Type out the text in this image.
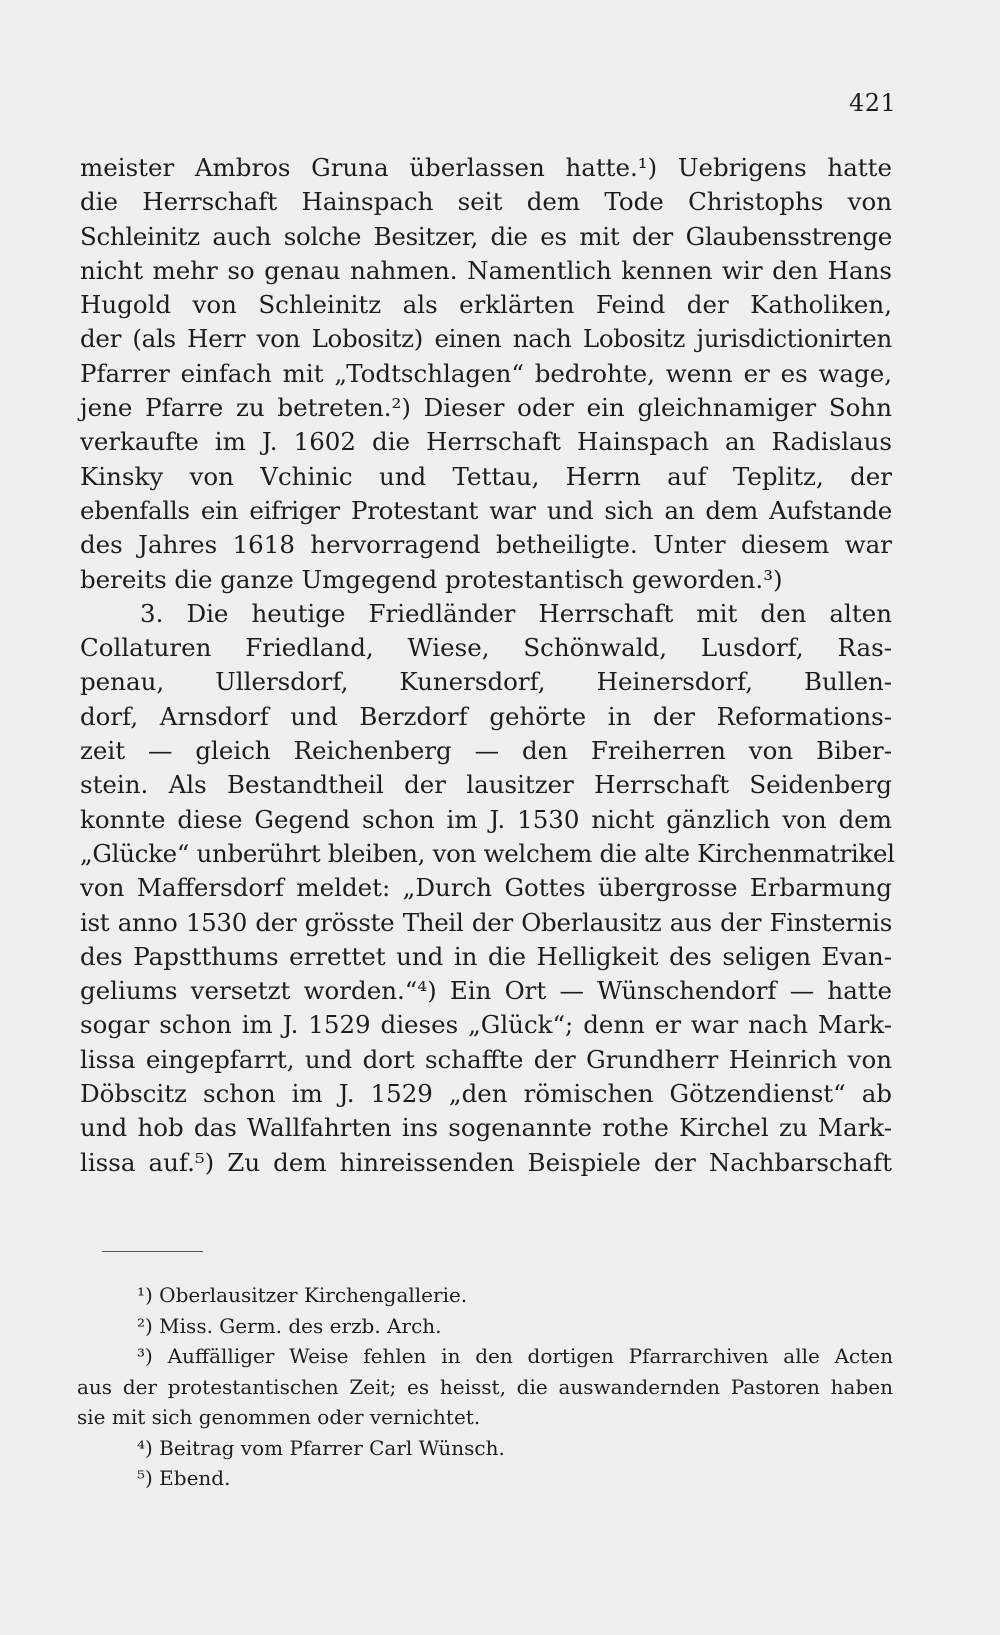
421
meister Ambros Gruna überlassen hatte.¹) Uebrigens hatte
die Herrschaft Hainspach seit dem Tode Christophs von
Schleinitz auch solche Besitzer, die es mit der Glaubensstrenge
nicht mehr so genau nahmen. Namentlich kennen wir den Hans
Hugold von Schleinitz als erklärten Feind der Katholiken,
der (als Herr von Lobositz) einen nach Lobositz jurisdictionirten
Pfarrer einfach mit „Todtschlagen“ bedrohte, wenn er es wage,
jene Pfarre zu betreten.²) Dieser oder ein gleichnamiger Sohn
verkaufte im J. 1602 die Herrschaft Hainspach an Radislaus
Kinsky von Vchinic und Tettau, Herrn auf Teplitz, der
ebenfalls ein eifriger Protestant war und sich an dem Aufstande
des Jahres 1618 hervorragend betheiligte. Unter diesem war
bereits die ganze Umgegend protestantisch geworden.³)
3. Die heutige Friedländer Herrschaft mit den alten
Collaturen Friedland, Wiese, Schönwald, Lusdorf, Ras-
penau, Ullersdorf, Kunersdorf, Heinersdorf, Bullen-
dorf, Arnsdorf und Berzdorf gehörte in der Reformations-
zeit — gleich Reichenberg — den Freiherren von Biber-
stein. Als Bestandtheil der lausitzer Herrschaft Seidenberg
konnte diese Gegend schon im J. 1530 nicht gänzlich von dem
„Glücke“ unberührt bleiben, von welchem die alte Kirchenmatrikel
von Maffersdorf meldet: „Durch Gottes übergrosse Erbarmung
ist anno 1530 der grösste Theil der Oberlausitz aus der Finsternis
des Papstthums errettet und in die Helligkeit des seligen Evan-
geliums versetzt worden.“⁴) Ein Ort — Wünschendorf — hatte
sogar schon im J. 1529 dieses „Glück“; denn er war nach Mark-
lissa eingepfarrt, und dort schaffte der Grundherr Heinrich von
Döbscitz schon im J. 1529 „den römischen Götzendienst“ ab
und hob das Wallfahrten ins sogenannte rothe Kirchel zu Mark-
lissa auf.⁵) Zu dem hinreissenden Beispiele der Nachbarschaft
¹) Oberlausitzer Kirchengallerie.
²) Miss. Germ. des erzb. Arch.
³) Auffälliger Weise fehlen in den dortigen Pfarrarchiven alle Acten
aus der protestantischen Zeit; es heisst, die auswandernden Pastoren haben
sie mit sich genommen oder vernichtet.
⁴) Beitrag vom Pfarrer Carl Wünsch.
⁵) Ebend.
